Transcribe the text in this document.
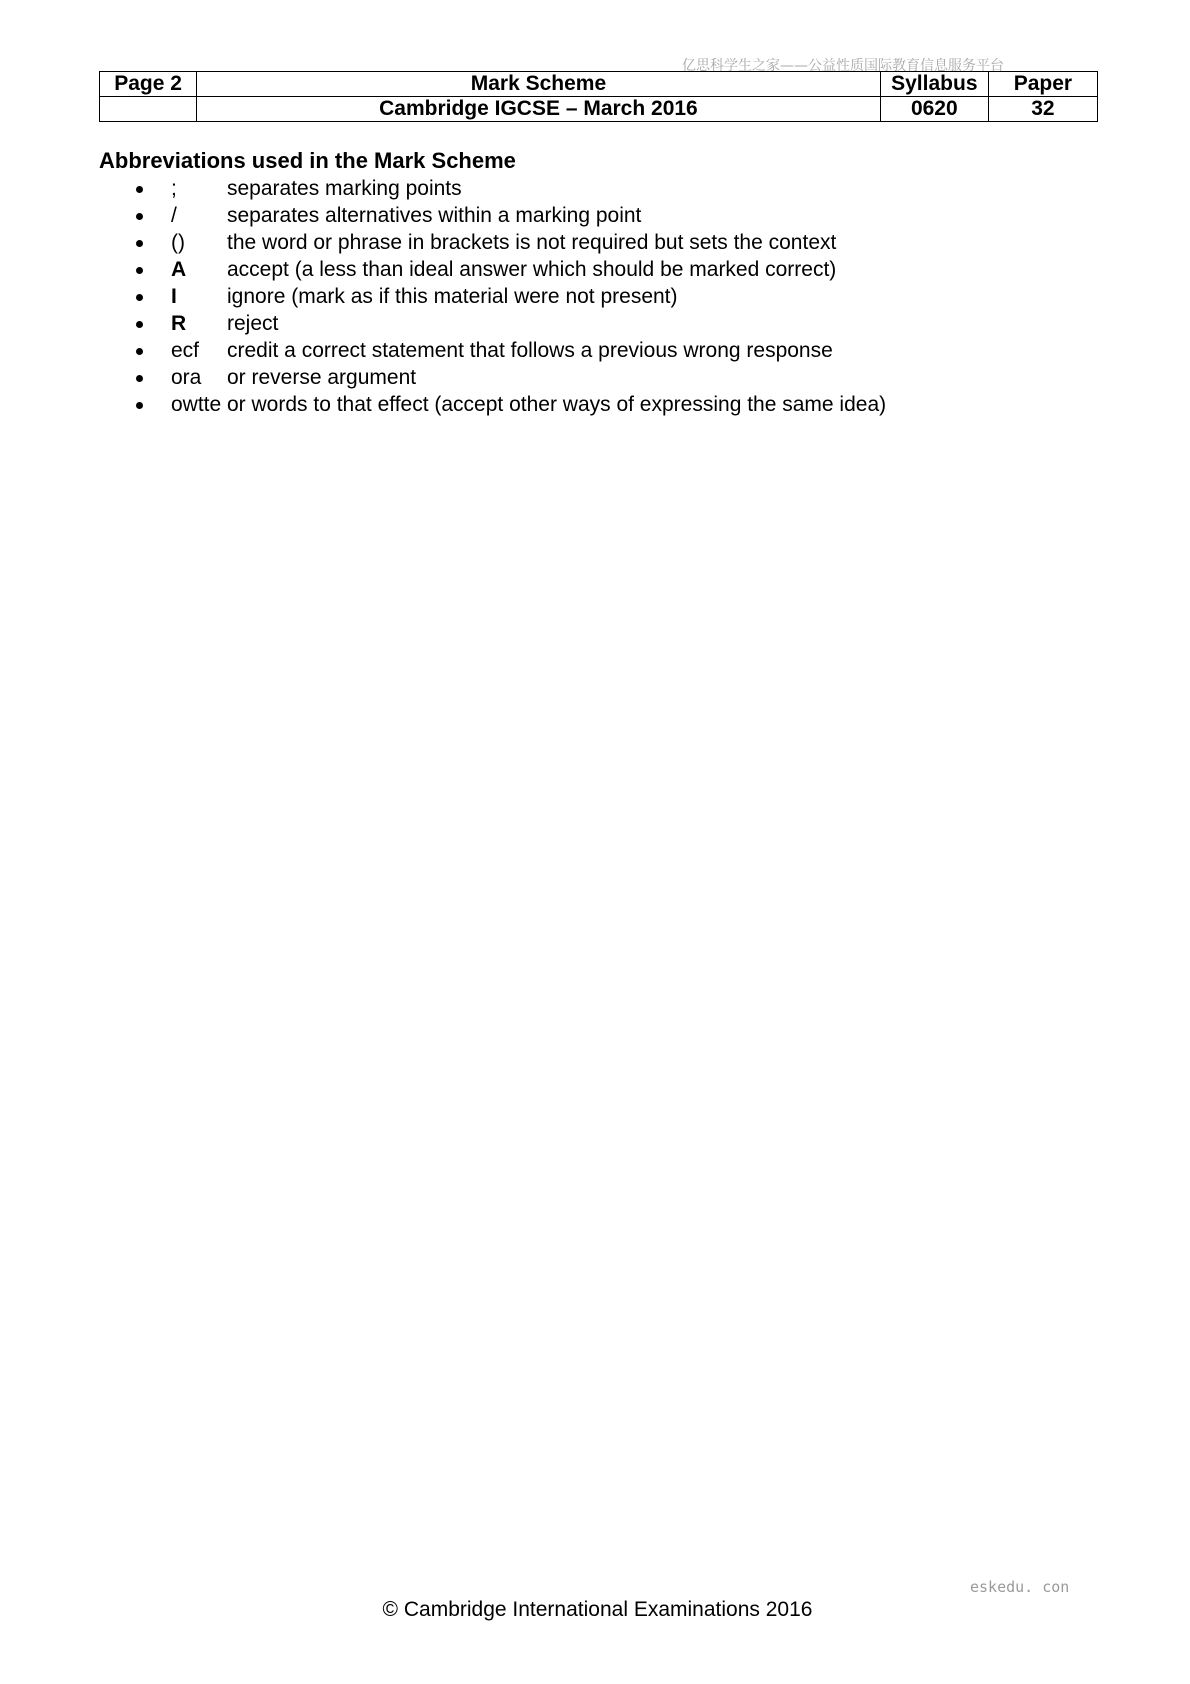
亿思科学生之家——公益性质国际教育信息服务平台
Page 2	Mark Scheme	Syllabus	Paper
	Cambridge IGCSE – March 2016	0620	32
Abbreviations used in the Mark Scheme
; separates marking points
/ separates alternatives within a marking point
() the word or phrase in brackets is not required but sets the context
A accept (a less than ideal answer which should be marked correct)
I ignore (mark as if this material were not present)
R reject
ecf credit a correct statement that follows a previous wrong response
ora or reverse argument
owtte or words to that effect (accept other ways of expressing the same idea)
eskedu. con
© Cambridge International Examinations 2016
